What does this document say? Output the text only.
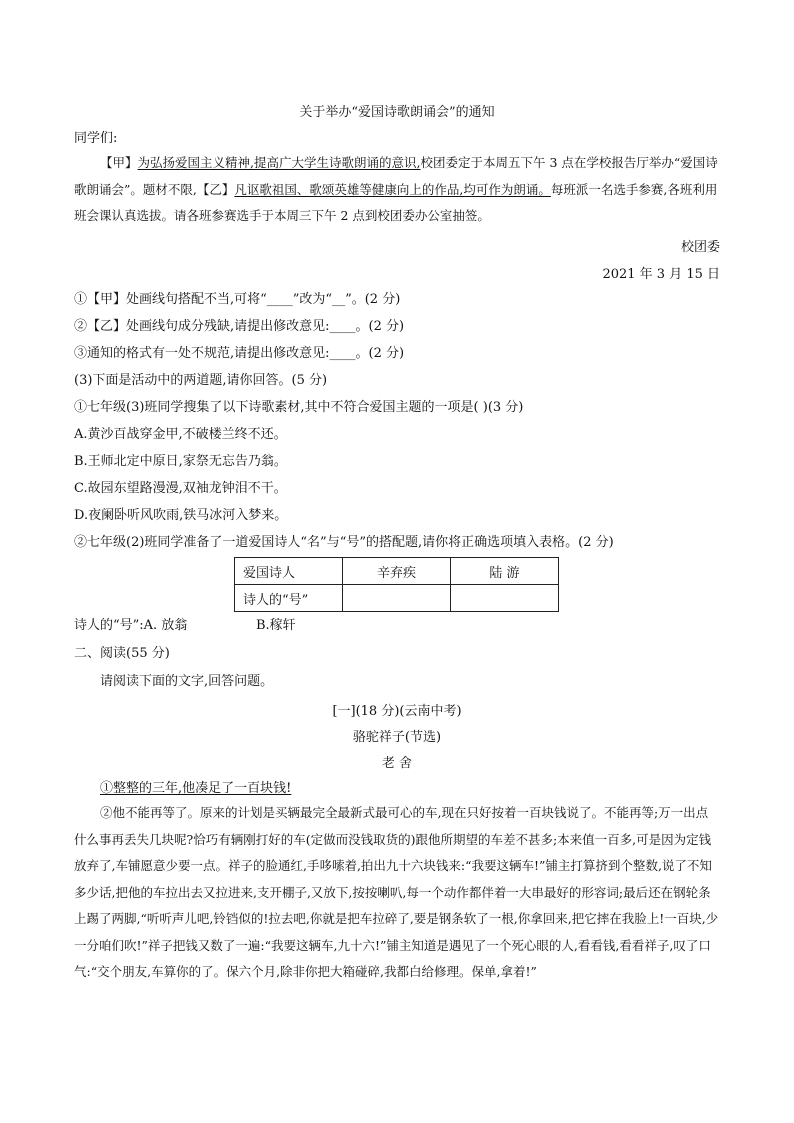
关于举办“爱国诗歌朗诵会”的通知
同学们:
【甲】为弘扬爱国主义精神,提高广大学生诗歌朗诵的意识,校团委定于本周五下午 3 点在学校报告厅举办“爱国诗歌朗诵会”。题材不限,【乙】凡讴歌祖国、歌颂英雄等健康向上的作品,均可作为朗诵。每班派一名选手参赛,各班利用班会课认真选拔。请各班参赛选手于本周三下午 2 点到校团委办公室抽签。
校团委
2021 年 3 月 15 日
①【甲】处画线句搭配不当,可将“____”改为“__”。(2 分)
②【乙】处画线句成分残缺,请提出修改意见:____。(2 分)
③通知的格式有一处不规范,请提出修改意见:____。(2 分)
(3)下面是活动中的两道题,请你回答。(5 分)
①七年级(3)班同学搜集了以下诗歌素材,其中不符合爱国主题的一项是( )(3 分)
A.黄沙百战穿金甲,不破楼兰终不还。
B.王师北定中原日,家祭无忘告乃翁。
C.故园东望路漫漫,双袖龙钟泪不干。
D.夜阑卧听风吹雨,铁马冰河入梦来。
②七年级(2)班同学准备了一道爱国诗人“名”与“号”的搭配题,请你将正确选项填入表格。(2 分)
爱国诗人	辛弃疾	陆 游
诗人的“号”		
诗人的“号”:A. 放翁	B.稼轩
二、阅读(55 分)
请阅读下面的文字,回答问题。
[一](18 分)(云南中考)
骆驼祥子(节选)
老 舍
①整整的三年,他凑足了一百块钱!
②他不能再等了。原来的计划是买辆最完全最新式最可心的车,现在只好按着一百块钱说了。不能再等;万一出点什么事再丢失几块呢?恰巧有辆刚打好的车(定做而没钱取货的)跟他所期望的车差不甚多;本来值一百多,可是因为定钱放弃了,车铺愿意少要一点。祥子的脸通红,手哆嗦着,拍出九十六块钱来:“我要这辆车!”铺主打算挤到个整数,说了不知多少话,把他的车拉出去又拉进来,支开棚子,又放下,按按喇叭,每一个动作都伴着一大串最好的形容词;最后还在钢轮条上踢了两脚,“听听声儿吧,铃铛似的!拉去吧,你就是把车拉碎了,要是钢条软了一根,你拿回来,把它摔在我脸上!一百块,少一分咱们吹!”祥子把钱又数了一遍:“我要这辆车,九十六!”铺主知道是遇见了一个死心眼的人,看看钱,看看祥子,叹了口气:“交个朋友,车算你的了。保六个月,除非你把大箱碰碎,我都白给修理。保单,拿着!”
